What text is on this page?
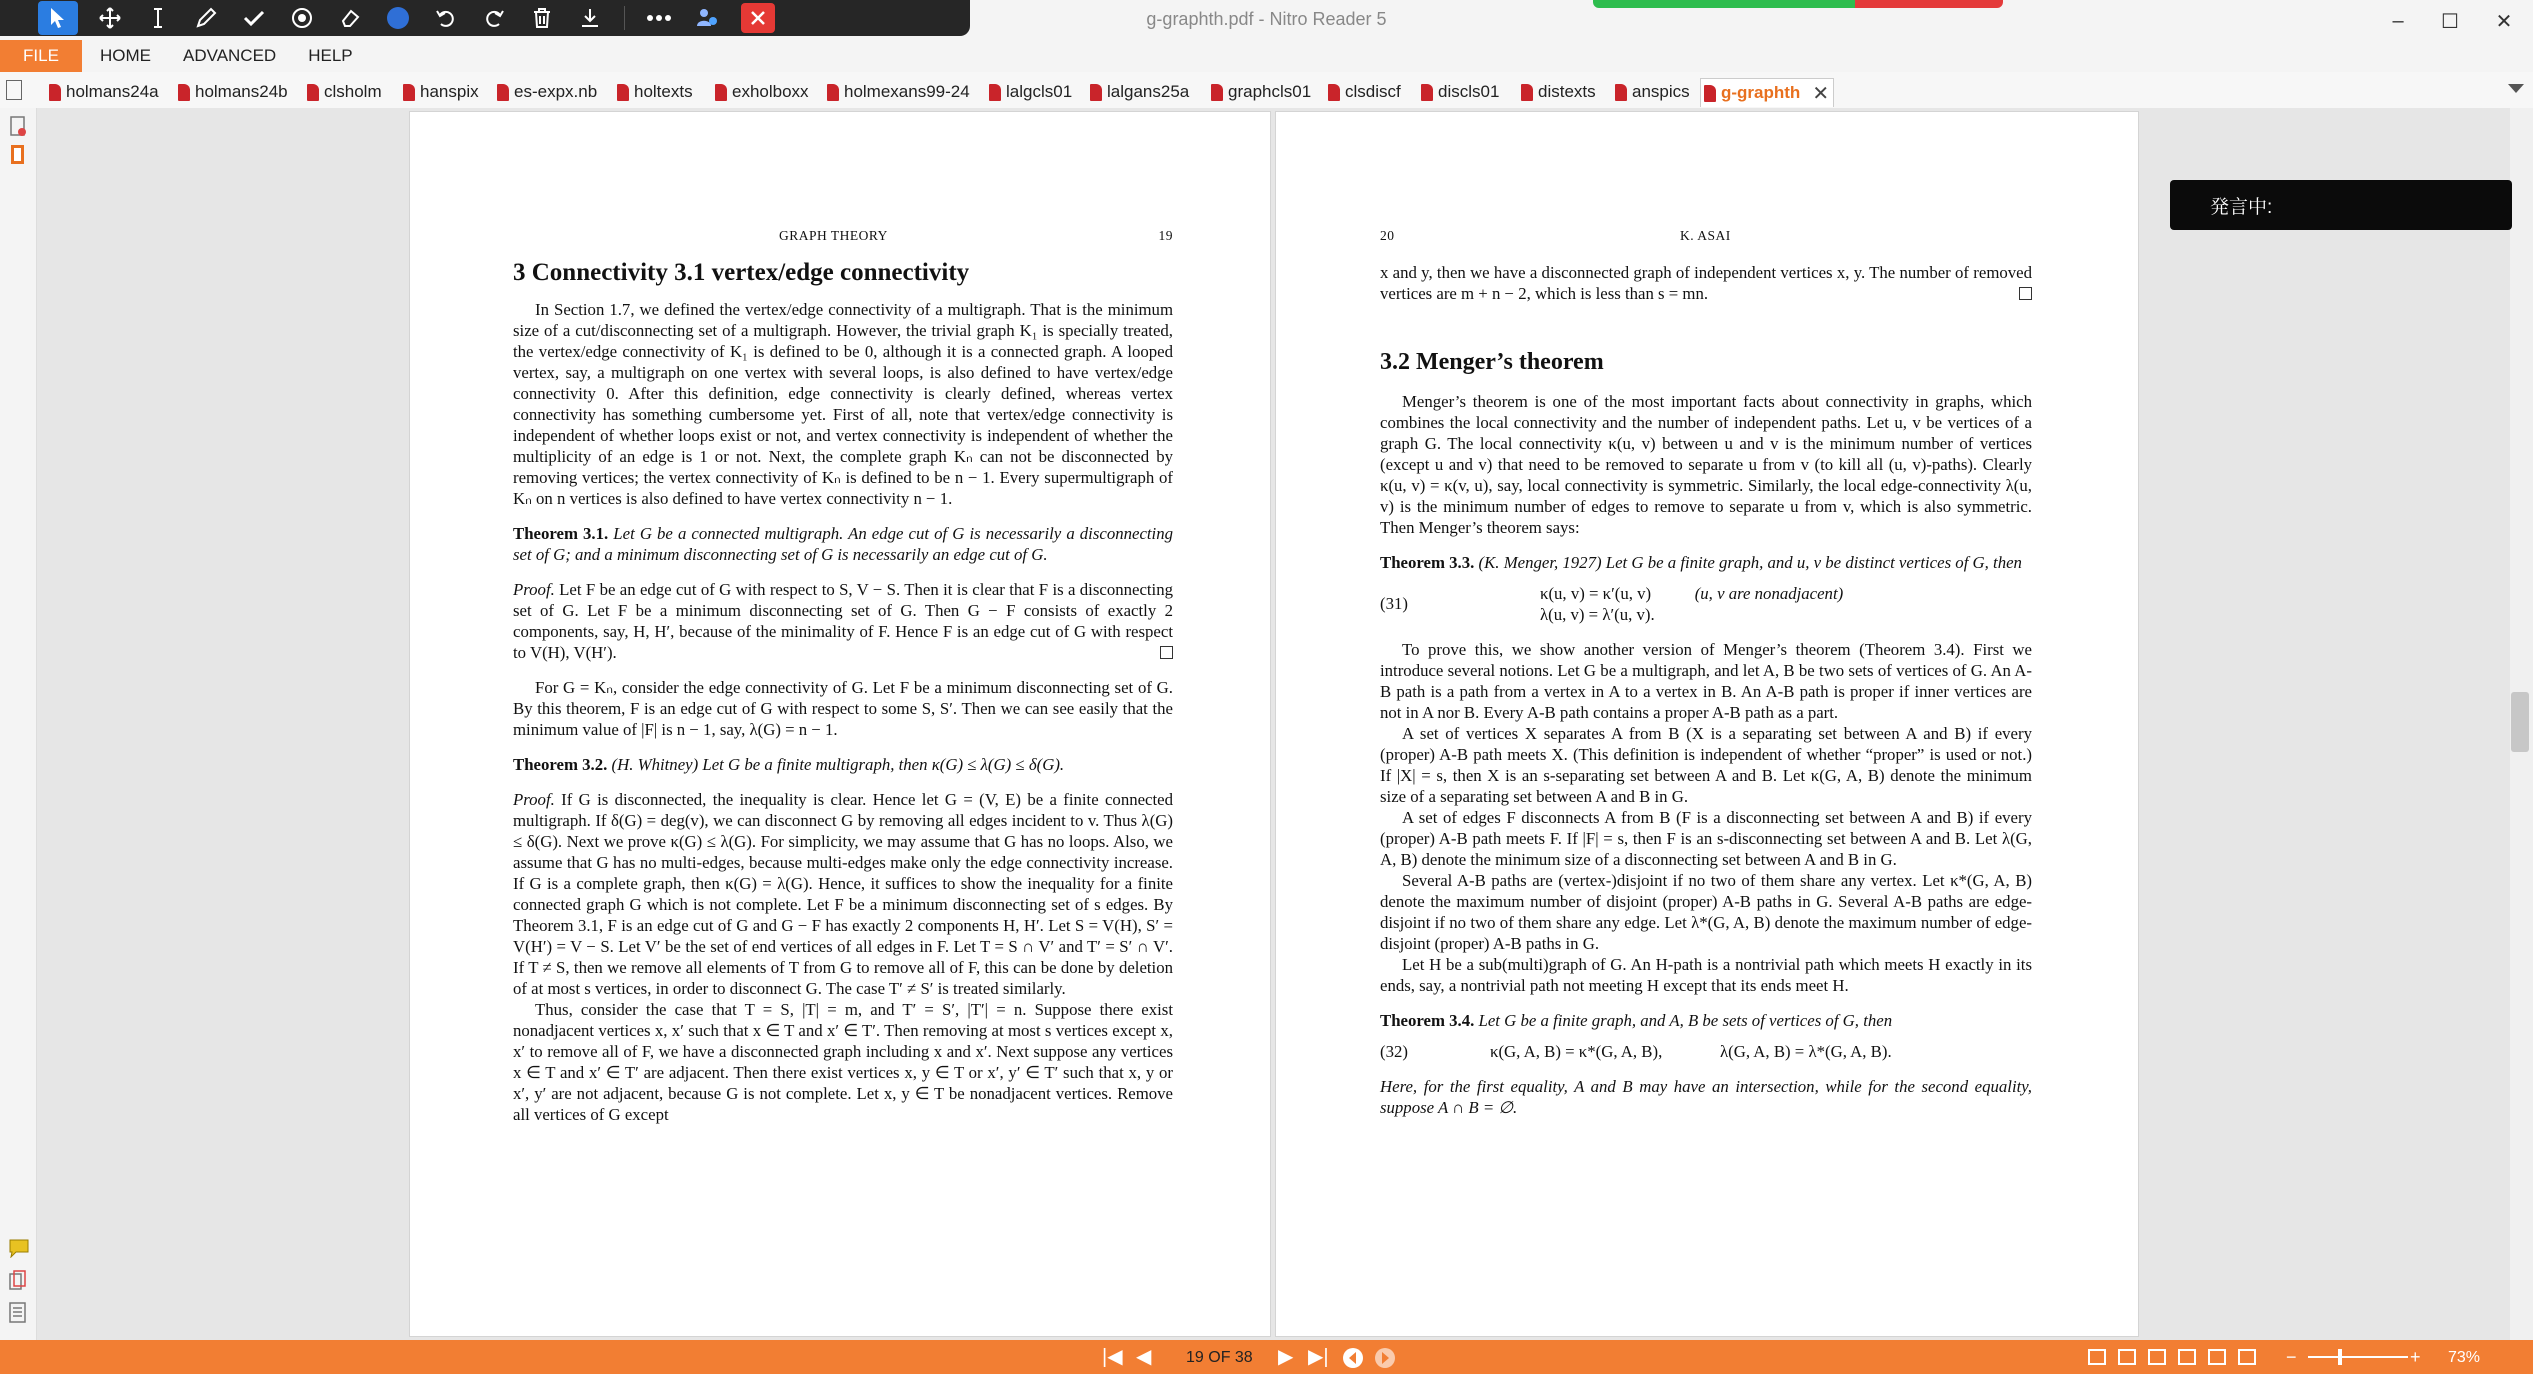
g-graphth.pdf - Nitro Reader 5	–	☐	✕
FILE	HOME	ADVANCED	HELP
holmans24a holmans24b clsholm hanspix es-expx.nb holtexts exholboxx holmexans99-24 lalgcls01 lalgans25a graphcls01 clsdiscf discls01 distexts anspics g-graphth ✕
GRAPH THEORY	19
3 Connectivity 3.1 vertex/edge connectivity

In Section 1.7, we defined the vertex/edge connectivity of a multigraph. That is the minimum size of a cut/disconnecting set of a multigraph. However, the trivial graph K₁ is specially treated, the vertex/edge connectivity of K₁ is defined to be 0, although it is a connected graph. A looped vertex, say, a multigraph on one vertex with several loops, is also defined to have vertex/edge connectivity 0. After this definition, edge connectivity is clearly defined, whereas vertex connectivity has something cumbersome yet. First of all, note that vertex/edge connectivity is independent of whether loops exist or not, and vertex connectivity is independent of whether the multiplicity of an edge is 1 or not. Next, the complete graph Kₙ can not be disconnected by removing vertices; the vertex connectivity of Kₙ is defined to be n − 1. Every supermultigraph of Kₙ on n vertices is also defined to have vertex connectivity n − 1.

Theorem 3.1. Let G be a connected multigraph. An edge cut of G is necessarily a disconnecting set of G; and a minimum disconnecting set of G is necessarily an edge cut of G.

Proof. Let F be an edge cut of G with respect to S, V − S. Then it is clear that F is a disconnecting set of G. Let F be a minimum disconnecting set of G. Then G − F consists of exactly 2 components, say, H, H′, because of the minimality of F. Hence F is an edge cut of G with respect to V(H), V(H′).

For G = Kₙ, consider the edge connectivity of G. Let F be a minimum disconnecting set of G. By this theorem, F is an edge cut of G with respect to some S, S′. Then we can see easily that the minimum value of |F| is n − 1, say, λ(G) = n − 1.

Theorem 3.2. (H. Whitney) Let G be a finite multigraph, then κ(G) ≤ λ(G) ≤ δ(G).

Proof. If G is disconnected, the inequality is clear. Hence let G = (V, E) be a finite connected multigraph. If δ(G) = deg(v), we can disconnect G by removing all edges incident to v. Thus λ(G) ≤ δ(G). Next we prove κ(G) ≤ λ(G). For simplicity, we may assume that G has no loops. Also, we assume that G has no multi-edges, because multi-edges make only the edge connectivity increase. If G is a complete graph, then κ(G) = λ(G). Hence, it suffices to show the inequality for a finite connected graph G which is not complete. Let F be a minimum disconnecting set of s edges. By Theorem 3.1, F is an edge cut of G and G − F has exactly 2 components H, H′. Let S = V(H), S′ = V(H′) = V − S. Let V′ be the set of end vertices of all edges in F. Let T = S ∩ V′ and T′ = S′ ∩ V′. If T ≠ S, then we remove all elements of T from G to remove all of F, this can be done by deletion of at most s vertices, in order to disconnect G. The case T′ ≠ S′ is treated similarly.

Thus, consider the case that T = S, |T| = m, and T′ = S′, |T′| = n. Suppose there exist nonadjacent vertices x, x′ such that x ∈ T and x′ ∈ T′. Then removing at most s vertices except x, x′ to remove all of F, we have a disconnected graph including x and x′. Next suppose any vertices x ∈ T and x′ ∈ T′ are adjacent. Then there exist vertices x, y ∈ T or x′, y′ ∈ T′ such that x, y or x′, y′ are not adjacent, because G is not complete. Let x, y ∈ T be nonadjacent vertices. Remove all vertices of G except

20	K. ASAI

x and y, then we have a disconnected graph of independent vertices x, y. The number of removed vertices are m + n − 2, which is less than s = mn.

3.2 Menger’s theorem

Menger’s theorem is one of the most important facts about connectivity in graphs, which combines the local connectivity and the number of independent paths. Let u, v be vertices of a graph G. The local connectivity κ(u, v) between u and v is the minimum number of vertices (except u and v) that need to be removed to separate u from v (to kill all (u, v)-paths). Clearly κ(u, v) = κ(v, u), say, local connectivity is symmetric. Similarly, the local edge-connectivity λ(u, v) is the minimum number of edges to remove to separate u from v, which is also symmetric. Then Menger’s theorem says:

Theorem 3.3. (K. Menger, 1927) Let G be a finite graph, and u, v be distinct vertices of G, then

(31)
κ(u, v) = κ′(u, v)
λ(u, v) = λ′(u, v).
(u, v are nonadjacent)

To prove this, we show another version of Menger’s theorem (Theorem 3.4). First we introduce several notions. Let G be a multigraph, and let A, B be two sets of vertices of G. An A-B path is a path from a vertex in A to a vertex in B. An A-B path is proper if inner vertices are not in A nor B. Every A-B path contains a proper A-B path as a part.

A set of vertices X separates A from B (X is a separating set between A and B) if every (proper) A-B path meets X. (This definition is independent of whether “proper” is used or not.) If |X| = s, then X is an s-separating set between A and B. Let κ(G, A, B) denote the minimum size of a separating set between A and B in G.

A set of edges F disconnects A from B (F is a disconnecting set between A and B) if every (proper) A-B path meets F. If |F| = s, then F is an s-disconnecting set between A and B. Let λ(G, A, B) denote the minimum size of a disconnecting set between A and B in G.

Several A-B paths are (vertex-)disjoint if no two of them share any vertex. Let κ*(G, A, B) denote the maximum number of disjoint (proper) A-B paths in G. Several A-B paths are edge-disjoint if no two of them share any edge. Let λ*(G, A, B) denote the maximum number of edge-disjoint (proper) A-B paths in G.

Let H be a sub(multi)graph of G. An H-path is a nontrivial path which meets H exactly in its ends, say, a nontrivial path not meeting H except that its ends meet H.

Theorem 3.4. Let G be a finite graph, and A, B be sets of vertices of G, then

(32)	κ(G, A, B) = κ*(G, A, B),	λ(G, A, B) = λ*(G, A, B).

Here, for the first equality, A and B may have an intersection, while for the second equality, suppose A ∩ B = ∅.

発言中:
|◀ ◀ 19 OF 38 ▶ ▶|	−	+ 73%
